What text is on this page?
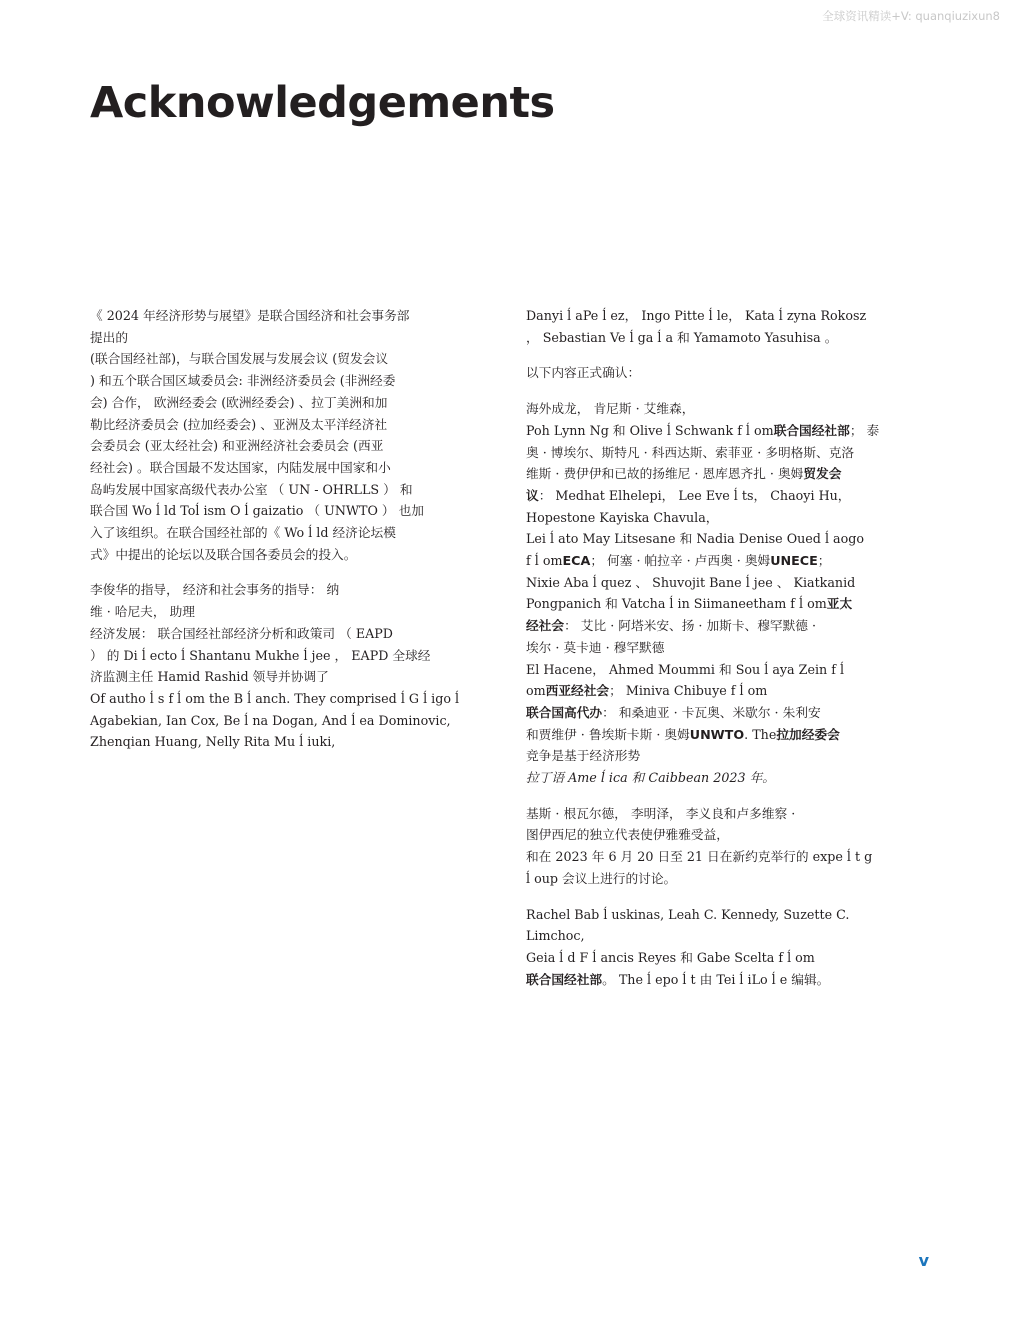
全球资讯精读+V: quanqiuzixun8
Acknowledgements

《 2024 年经济形势与展望》是联合国经济和社会事务部
提出的
(联合国经社部)，与联合国发展与发展会议 (贸发会议
) 和五个联合国区域委员会: 非洲经济委员会 (非洲经委
会) 合作， 欧洲经委会 (欧洲经委会) 、拉丁美洲和加
勒比经济委员会 (拉加经委会) 、亚洲及太平洋经济社
会委员会 (亚太经社会) 和亚洲经济社会委员会 (西亚
经社会) 。联合国最不发达国家，内陆发展中国家和小
岛屿发展中国家高级代表办公室 （ UN - OHRLLS ） 和
联合国 Wo ĺ ld Toĺ ism O ĺ gaizatio （ UNWTO ） 也加
入了该组织。在联合国经社部的《 Wo ĺ ld 经济论坛模
式》中提出的论坛以及联合国各委员会的投入。

李俊华的指导， 经济和社会事务的指导： 纳
维 · 哈尼夫， 助理
经济发展： 联合国经社部经济分析和政策司 （ EAPD
） 的 Di ĺ ecto ĺ Shantanu Mukhe ĺ jee ， EAPD 全球经
济监测主任 Hamid Rashid 领导并协调了
Of autho ĺ s f ĺ om the B ĺ anch. They comprised ĺ G ĺ igo ĺ
Agabekian, Ian Cox, Be ĺ na Dogan, And ĺ ea Dominovic,
Zhenqian Huang, Nelly Rita Mu ĺ iuki,

Danyi ĺ aPe ĺ ez， Ingo Pitte ĺ le， Kata ĺ zyna Rokosz
， Sebastian Ve ĺ ga ĺ a 和 Yamamoto Yasuhisa 。

以下内容正式确认：

海外成龙， 肯尼斯 · 艾维森，
Poh Lynn Ng 和 Olive ĺ Schwank f ĺ om联合国经社部； 泰
奥 · 博埃尔、斯特凡 · 科西达斯、索菲亚 · 多明格斯、克洛
维斯 · 费伊伊和已故的扬维尼 · 恩库恩齐扎 · 奥姆贸发会
议： Medhat Elhelepi， Lee Eve ĺ ts， Chaoyi Hu，
Hopestone Kayiska Chavula，
Lei ĺ ato May Litsesane 和 Nadia Denise Oued ĺ aogo
f ĺ omECA； 何塞 · 帕拉辛 · 卢西奥 · 奥姆UNECE；
Nixie Aba ĺ quez 、 Shuvojit Bane ĺ jee 、 Kiatkanid
Pongpanich 和 Vatcha ĺ in Siimaneetham f ĺ om亚太
经社会： 艾比 · 阿塔米安、扬 · 加斯卡、穆罕默德 ·
埃尔 · 莫卡迪 · 穆罕默德
El Hacene， Ahmed Moummi 和 Sou ĺ aya Zein f ĺ
om西亚经社会； Miniva Chibuye f ĺ om
联合国高代办： 和桑迪亚 · 卡瓦奥、米歇尔 · 朱利安
和贾维伊 · 鲁埃斯卡斯 · 奥姆UNWTO. The拉加经委会
竞争是基于经济形势
拉丁语 Ame ĺ ica 和 Caibbean 2023 年。

基斯 · 根瓦尔德， 李明泽， 李义良和卢多维察 ·
图伊西尼的独立代表使伊雅雅受益，
和在 2023 年 6 月 20 日至 21 日在新约克举行的 expe ĺ t g
ĺ oup 会议上进行的讨论。

Rachel Bab ĺ uskinas, Leah C. Kennedy, Suzette C.
Limchoc,
Geia ĺ d F ĺ ancis Reyes 和 Gabe Scelta f ĺ om
联合国经社部。 The ĺ epo ĺ t 由 Tei ĺ iLo ĺ e 编辑。

v
